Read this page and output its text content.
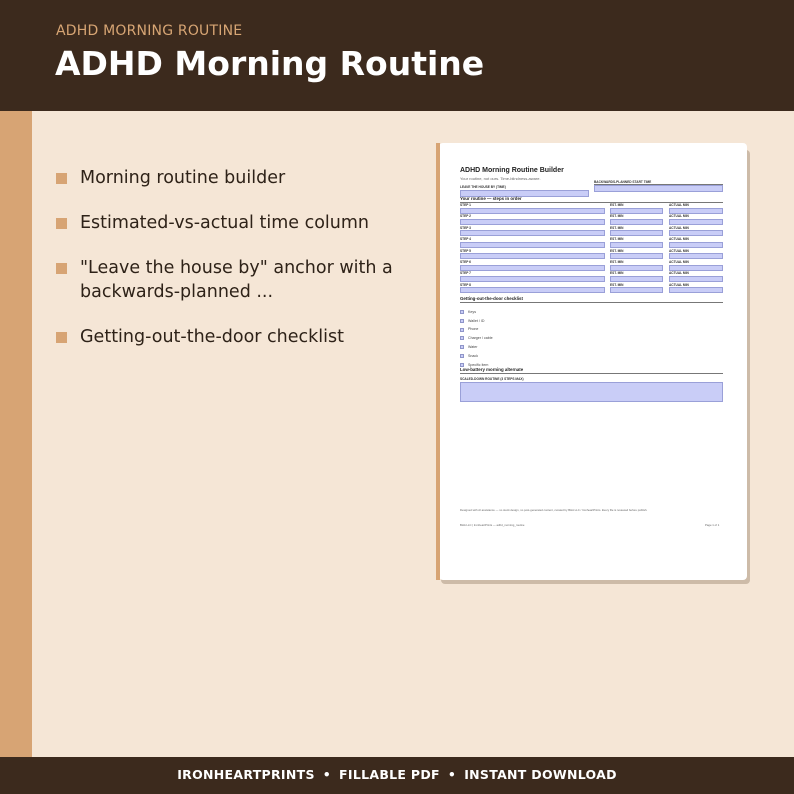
ADHD MORNING ROUTINE
ADHD Morning Routine
Morning routine builder
Estimated-vs-actual time column
"Leave the house by" anchor with a backwards-planned ...
Getting-out-the-door checklist
ADHD Morning Routine Builder
Your routine, not ours. Time-blindness-aware.
LEAVE THE HOUSE BY (TIME)
BACKWARDS-PLANNED START TIME
Your routine — steps in order
STEP 1	EST. MIN	ACTUAL MIN
STEP 2	EST. MIN	ACTUAL MIN
STEP 3	EST. MIN	ACTUAL MIN
STEP 4	EST. MIN	ACTUAL MIN
STEP 5	EST. MIN	ACTUAL MIN
STEP 6	EST. MIN	ACTUAL MIN
STEP 7	EST. MIN	ACTUAL MIN
STEP 8	EST. MIN	ACTUAL MIN
Getting-out-the-door checklist
Keys
Wallet / ID
Phone
Charger / cable
Water
Snack
Specific item
Low-battery morning alternate
SCALED-DOWN ROUTINE (3 STEPS MAX)
Designed with AI assistance — no stock design, no post-generated content, curated by BHA LLC / IronheartPrints. Every file is reviewed before publish.
BHA LLC | IronheartPrints — adhd_morning_routine	Page 1 of 1
IRONHEARTPRINTS • FILLABLE PDF • INSTANT DOWNLOAD
